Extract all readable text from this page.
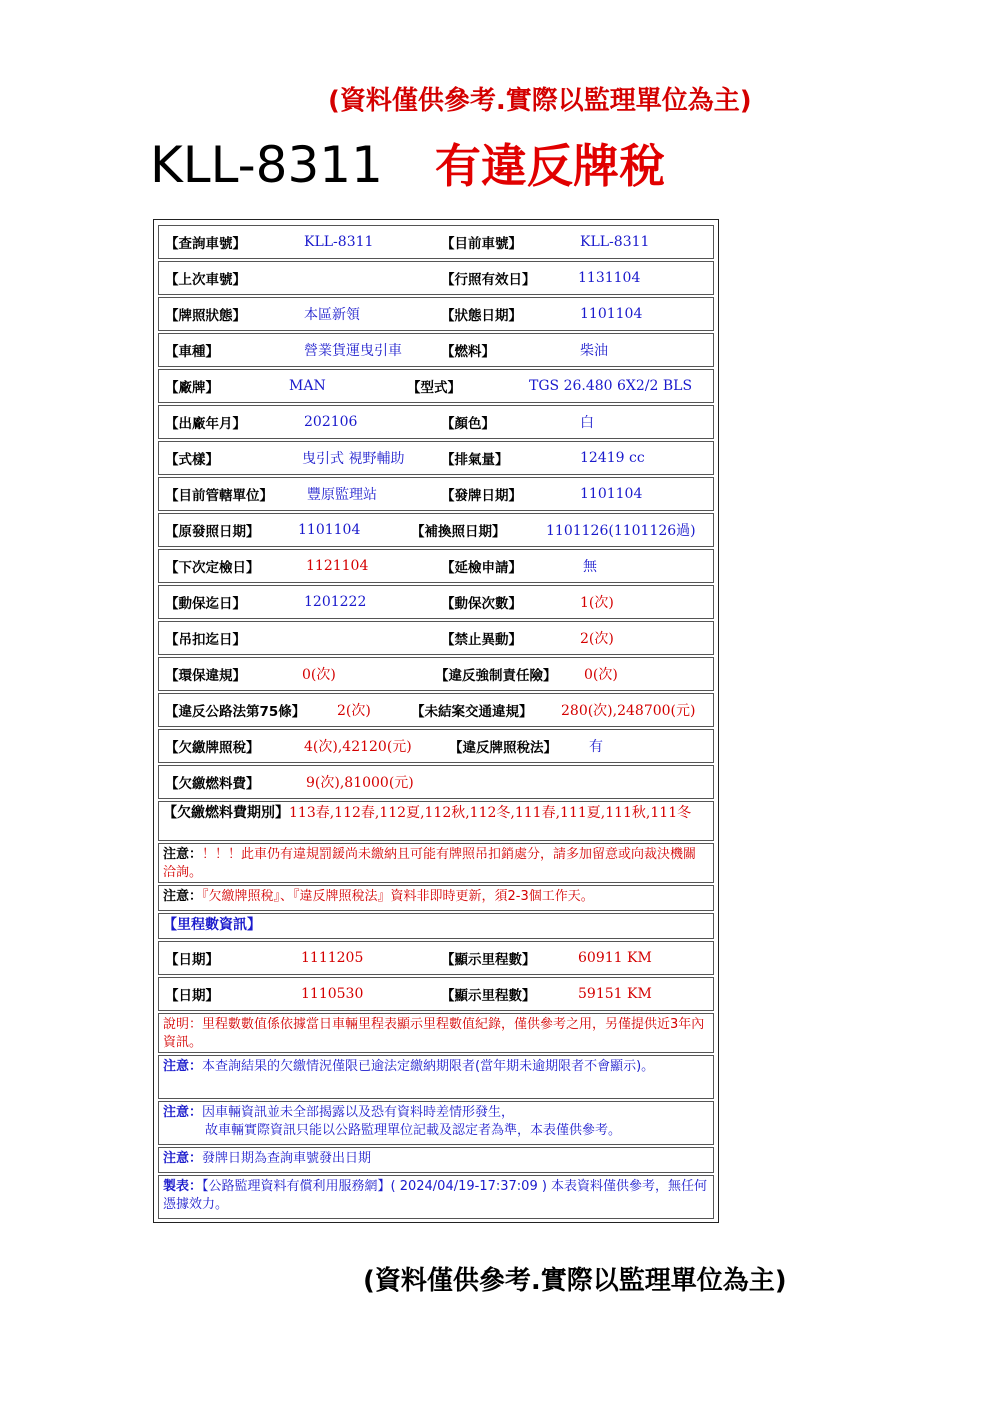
(資料僅供參考.實際以監理單位為主)
KLL-8311 有違反牌稅
【查詢車號】	KLL-8311	【目前車號】	KLL-8311
【上次車號】	【行照有效日】	1131104
【牌照狀態】	本區新領	【狀態日期】	1101104
【車種】	營業貨運曳引車	【燃料】	柴油
【廠牌】	MAN	【型式】	TGS 26.480 6X2/2 BLS
【出廠年月】	202106	【顏色】	白
【式樣】	曳引式 視野輔助	【排氣量】	12419 cc
【目前管轄單位】 豐原監理站	【發牌日期】	1101104
【原發照日期】	1101104	【補換照日期】	1101126(1101126過)
【下次定檢日】	1121104	【延檢申請】	無
【動保迄日】	1201222	【動保次數】	1(次)
【吊扣迄日】	【禁止異動】	2(次)
【環保違規】	0(次)	【違反強制責任險】 0(次)
【違反公路法第75條】 2(次)	【未結案交通違規】 280(次),248700(元)
【欠繳牌照稅】	4(次),42120(元)	【違反牌照稅法】 有
【欠繳燃料費】	9(次),81000(元)
【欠繳燃料費期別】113春,112春,112夏,112秋,112冬,111春,111夏,111秋,111冬
注意：！！！此車仍有違規罰鍰尚未繳納且可能有牌照吊扣銷處分，請多加留意或向裁決機關洽詢。
注意：『欠繳牌照稅』、『違反牌照稅法』資料非即時更新，須2-3個工作天。
【里程數資訊】
【日期】	1111205	【顯示里程數】	60911 KM
【日期】	1110530	【顯示里程數】	59151 KM
說明：里程數數值係依據當日車輛里程表顯示里程數值紀錄，僅供參考之用，另僅提供近3年內資訊。
注意：本查詢結果的欠繳情況僅限已逾法定繳納期限者(當年期未逾期限者不會顯示)。
注意：因車輛資訊並未全部揭露以及恐有資料時差情形發生，
故車輛實際資訊只能以公路監理單位記載及認定者為準，本表僅供參考。
注意：發牌日期為查詢車號發出日期
製表：【公路監理資料有償利用服務網】( 2024/04/19-17:37:09 ) 本表資料僅供參考，無任何憑據效力。
(資料僅供參考.實際以監理單位為主)
